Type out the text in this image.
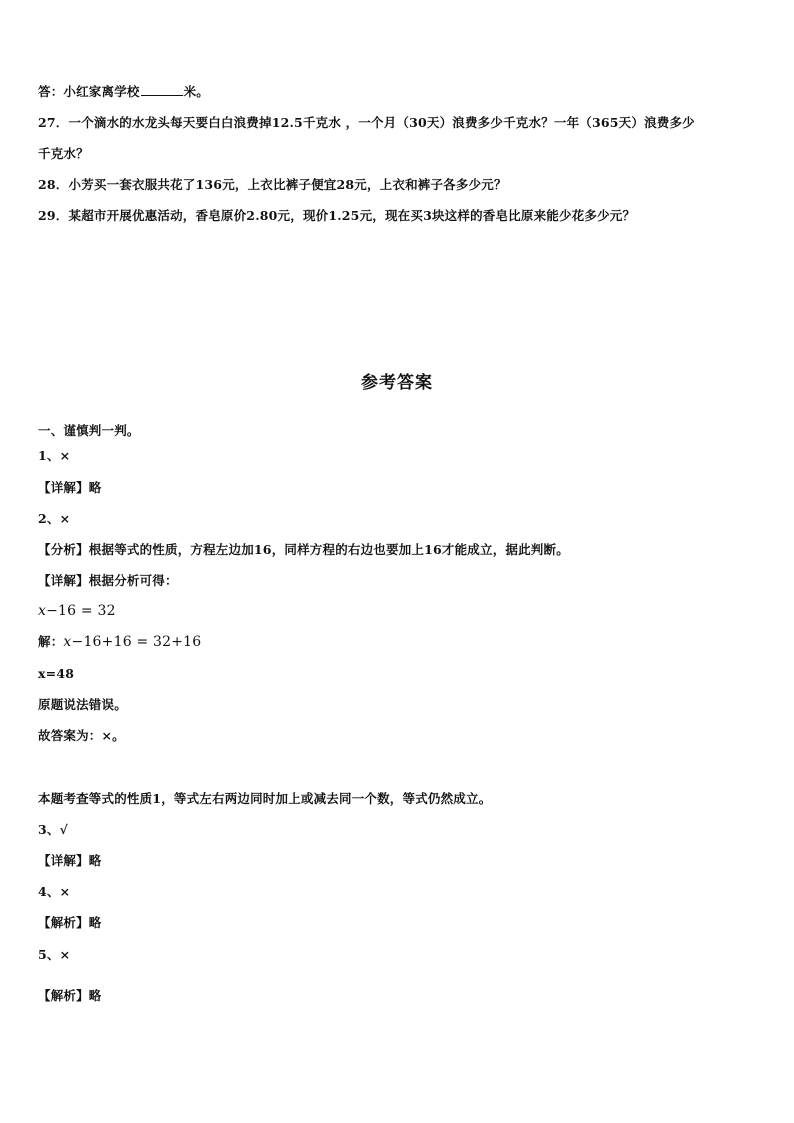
答：小红家离学校	米。
27．一个滴水的水龙头每天要白白浪费掉12.5千克水 ，一个月（30天）浪费多少千克水？一年（365天）浪费多少
千克水？
28．小芳买一套衣服共花了136元，上衣比裤子便宜28元，上衣和裤子各多少元？
29．某超市开展优惠活动，香皂原价2.80元，现价1.25元，现在买3块这样的香皂比原来能少花多少元？
参考答案
一、谨慎判一判。
1、×
【详解】略
2、×
【分析】根据等式的性质，方程左边加16，同样方程的右边也要加上16才能成立，据此判断。
【详解】根据分析可得：
x−16 = 32
解：x−16+16 = 32+16
x=48
原题说法错误。
故答案为：×。
本题考查等式的性质1，等式左右两边同时加上或减去同一个数，等式仍然成立。
3、√
【详解】略
4、×
【解析】略
5、×
【解析】略
